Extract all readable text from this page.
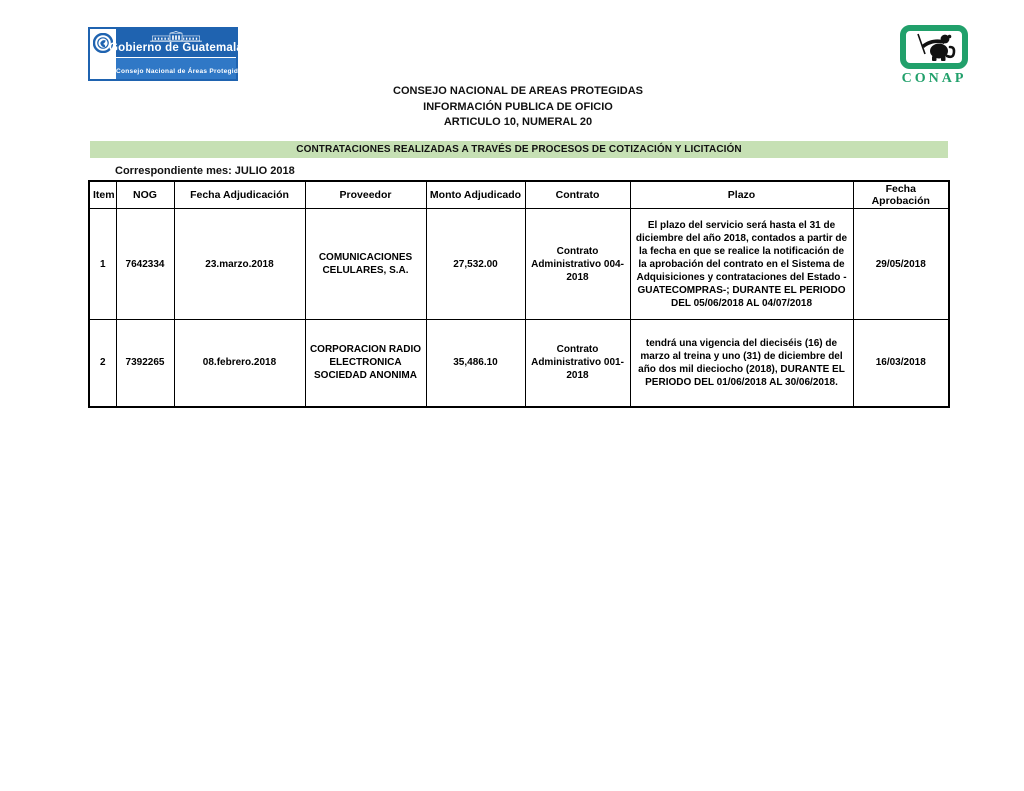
Gobierno de Guatemala
Consejo Nacional de Áreas Protegidas	CONAP
CONSEJO NACIONAL DE AREAS PROTEGIDAS
INFORMACIÓN PUBLICA DE OFICIO
ARTICULO 10, NUMERAL 20
CONTRATACIONES REALIZADAS A TRAVÉS DE PROCESOS DE COTIZACIÓN Y LICITACIÓN
Correspondiente mes: JULIO 2018
Item	NOG	Fecha Adjudicación	Proveedor	Monto Adjudicado	Contrato	Plazo	Fecha Aprobación
1	7642334	23.marzo.2018	COMUNICACIONES CELULARES, S.A.	27,532.00	Contrato Administrativo 004-2018	El plazo del servicio será hasta el 31 de diciembre del año 2018, contados a partir de la fecha en que se realice la notificación de la aprobación del contrato en el Sistema de Adquisiciones y contrataciones del Estado - GUATECOMPRAS-; DURANTE EL PERIODO DEL 05/06/2018 AL 04/07/2018	29/05/2018
2	7392265	08.febrero.2018	CORPORACION RADIO ELECTRONICA SOCIEDAD ANONIMA	35,486.10	Contrato Administrativo 001-2018	tendrá una vigencia del dieciséis (16) de marzo al treina y uno (31) de diciembre del año dos mil dieciocho (2018), DURANTE EL PERIODO DEL 01/06/2018 AL 30/06/2018.	16/03/2018
